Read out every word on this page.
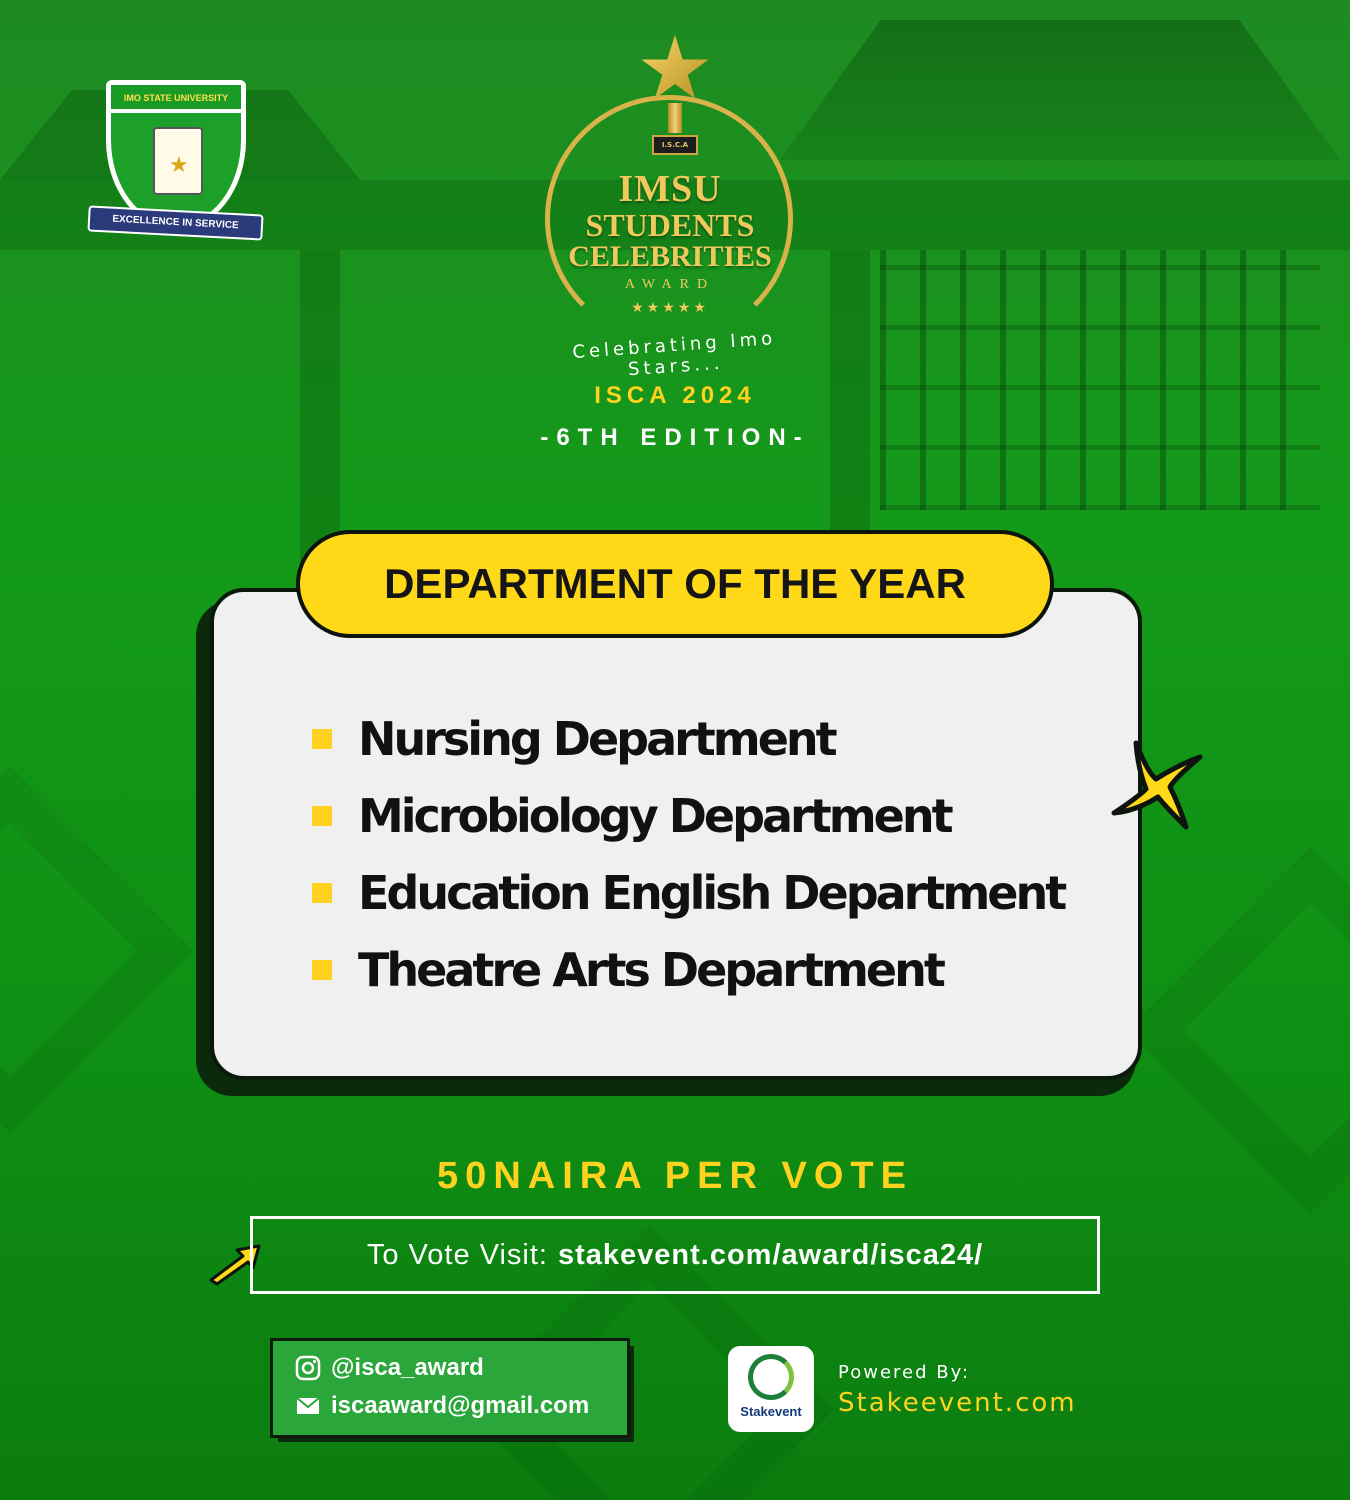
IMO STATE UNIVERSITY
★
EXCELLENCE IN SERVICE
I.S.C.A
IMSU
STUDENTS
CELEBRITIES
AWARD
★★★★★
Celebrating Imo Stars...
ISCA 2024
-6TH EDITION-
DEPARTMENT OF THE YEAR
Nursing Department
Microbiology Department
Education English Department
Theatre Arts Department
50NAIRA PER VOTE
To Vote Visit: stakevent.com/award/isca24/
@isca_award
iscaaward@gmail.com	Stakevent
Powered By:
Stakeevent.com
